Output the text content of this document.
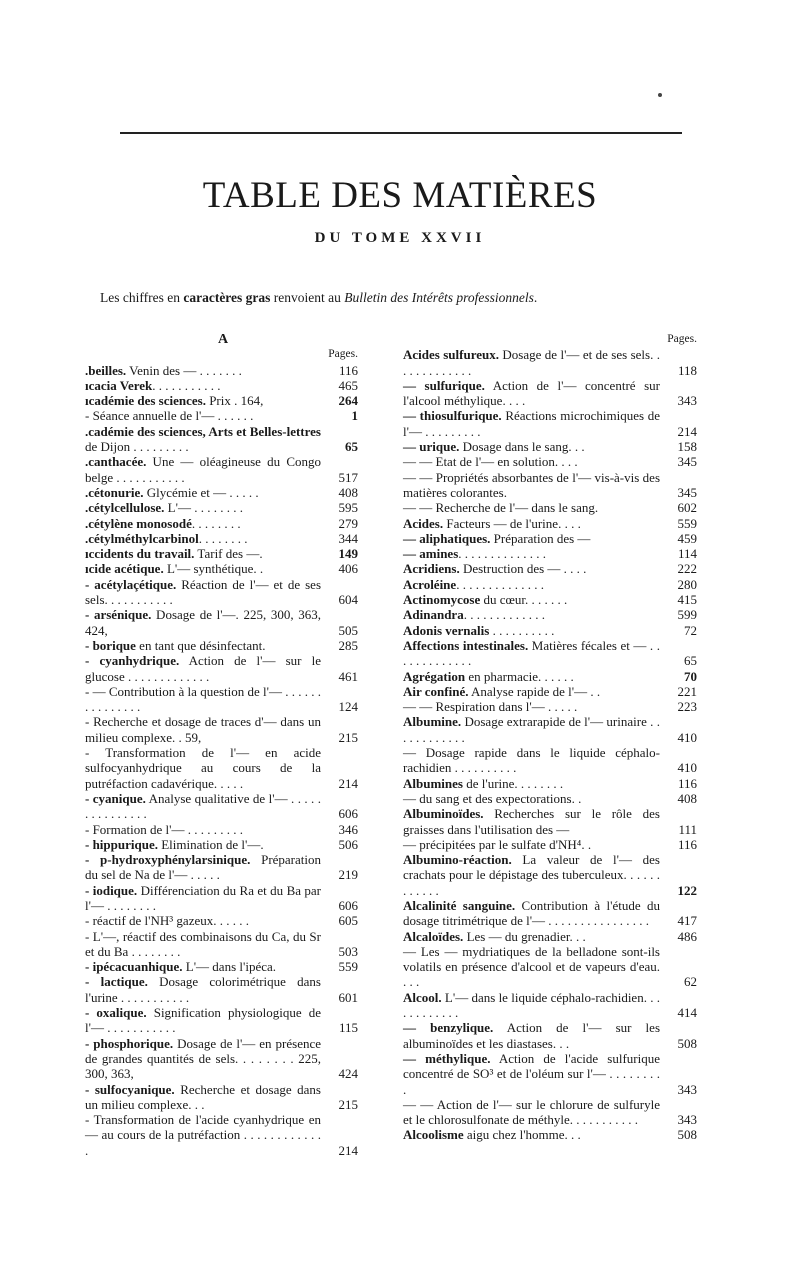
TABLE DES MATIÈRES
DU TOME XXVII
Les chiffres en caractères gras renvoient au Bulletin des Intérêts professionnels.
A
Pages.
.beilles. Venin des — . . . . . . .	116
ıcacia Verek. . . . . . . . . . .	465
ıcadémie des sciences. Prix . 164,	264
- Séance annuelle de l'— . . . . . .	1
.cadémie des sciences, Arts et Belles-lettres de Dijon . . . . . . . . .	65
.canthacée. Une — oléagineuse du Congo belge . . . . . . . . . . .	517
.cétonurie. Glycémie et — . . . . .	408
.cétylcellulose. L'— . . . . . . . .	595
.cétylène monosodé. . . . . . . .	279
.cétylméthylcarbinol. . . . . . . .	344
ıccidents du travail. Tarif des —.	149
ıcide acétique. L'— synthétique. .	406
- acétylaçétique. Réaction de l'— et de ses sels. . . . . . . . . . .	604
- arsénique. Dosage de l'—. 225, 300, 363, 424,	505
- borique en tant que désinfectant.	285
- cyanhydrique. Action de l'— sur le glucose . . . . . . . . . . . . .	461
- — Contribution à la question de l'— . . . . . . . . . . . . . . .	124
- Recherche et dosage de traces d'— dans un milieu complexe. . 59,	215
- Transformation de l'— en acide sulfocyanhydrique au cours de la putréfaction cadavérique. . . . .	214
- cyanique. Analyse qualitative de l'— . . . . . . . . . . . . . . .	606
- Formation de l'— . . . . . . . . .	346
- hippurique. Elimination de l'—.	506
- p-hydroxyphénylarsinique. Préparation du sel de Na de l'— . . . . .	219
- iodique. Différenciation du Ra et du Ba par l'— . . . . . . . .	606
- réactif de l'NH³ gazeux. . . . . .	605
- L'—, réactif des combinaisons du Ca, du Sr et du Ba . . . . . . . .	503
- ipécacuanhique. L'— dans l'ipéca.	559
- lactique. Dosage colorimétrique dans l'urine . . . . . . . . . . .	601
- oxalique. Signification physiologique de l'— . . . . . . . . . . .	115
- phosphorique. Dosage de l'— en présence de grandes quantités de sels. . . . . . . . 225, 300, 363,	424
- sulfocyanique. Recherche et dosage dans un milieu complexe. . .	215
- Transformation de l'acide cyanhydrique en — au cours de la putréfaction . . . . . . . . . . . . .	214
Pages.
Acides sulfureux. Dosage de l'— et de ses sels. . . . . . . . . . . . .	118
— sulfurique. Action de l'— concentré sur l'alcool méthylique. . . .	343
— thiosulfurique. Réactions microchimiques de l'— . . . . . . . . .	214
— urique. Dosage dans le sang. . .	158
— — Etat de l'— en solution. . . .	345
— — Propriétés absorbantes de l'— vis-à-vis des matières colorantes.	345
— — Recherche de l'— dans le sang.	602
Acides. Facteurs — de l'urine. . . .	559
— aliphatiques. Préparation des —	459
— amines. . . . . . . . . . . . . .	114
Acridiens. Destruction des — . . . .	222
Acroléine. . . . . . . . . . . . . .	280
Actinomycose du cœur. . . . . . .	415
Adinandra. . . . . . . . . . . . .	599
Adonis vernalis . . . . . . . . . .	72
Affections intestinales. Matières fécales et — . . . . . . . . . . . . .	65
Agrégation en pharmacie. . . . . .	70
Air confiné. Analyse rapide de l'— . .	221
— — Respiration dans l'— . . . . .	223
Albumine. Dosage extrarapide de l'— urinaire . . . . . . . . . . . .	410
— Dosage rapide dans le liquide céphalo-rachidien . . . . . . . . . .	410
Albumines de l'urine. . . . . . . .	116
— du sang et des expectorations. .	408
Albuminoïdes. Recherches sur le rôle des graisses dans l'utilisation des —	111
— précipitées par le sulfate d'NH⁴. .	116
Albumino-réaction. La valeur de l'— des crachats pour le dépistage des tuberculeux. . . . . . . . . . . .	122
Alcalinité sanguine. Contribution à l'étude du dosage titrimétrique de l'— . . . . . . . . . . . . . . . . 417
Alcaloïdes. Les — du grenadier. . .	486
— Les — mydriatiques de la belladone sont-ils volatils en présence d'alcool et de vapeurs d'eau. . . .	62
Alcool. L'— dans le liquide céphalo-rachidien. . . . . . . . . . . .	414
— benzylique. Action de l'— sur les albuminoïdes et les diastases. . .	508
— méthylique. Action de l'acide sulfurique concentré de SO³ et de l'oléum sur l'— . . . . . . . . .	343
— — Action de l'— sur le chlorure de sulfuryle et le chlorosulfonate de méthyle. . . . . . . . . . .	343
Alcoolisme aigu chez l'homme. . .	508
